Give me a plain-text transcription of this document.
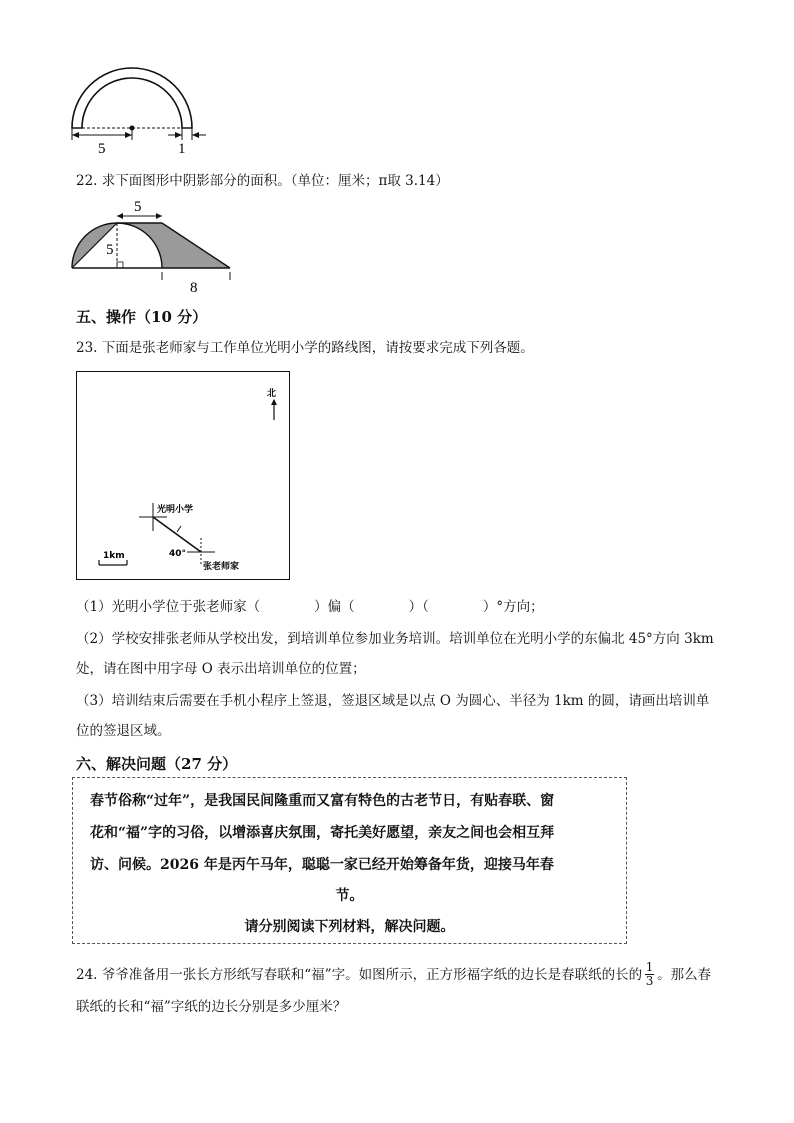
5	1
22. 求下面图形中阴影部分的面积。（单位：厘米；π取 3.14）
5
5
8
五、操作（10 分）
23. 下面是张老师家与工作单位光明小学的路线图，请按要求完成下列各题。
北
光明小学
张老师家
40°
1km
（1）光明小学位于张老师家（　　　　）偏（　　　　）（　　　　）°方向；
（2）学校安排张老师从学校出发，到培训单位参加业务培训。培训单位在光明小学的东偏北 45°方向 3km
处，请在图中用字母 O 表示出培训单位的位置；
（3）培训结束后需要在手机小程序上签退，签退区域是以点 O 为圆心、半径为 1km 的圆，请画出培训单
位的签退区域。
六、解决问题（27 分）
春节俗称“过年”，是我国民间隆重而又富有特色的古老节日，有贴春联、窗
花和“福”字的习俗，以增添喜庆氛围，寄托美好愿望，亲友之间也会相互拜
访、问候。2026 年是丙午马年，聪聪一家已经开始筹备年货，迎接马年春
节。
请分别阅读下列材料，解决问题。
24. 爷爷准备用一张长方形纸写春联和“福”字。如图所示，正方形福字纸的边长是春联纸的长的 1
3 。那么春
联纸的长和“福”字纸的边长分别是多少厘米？
